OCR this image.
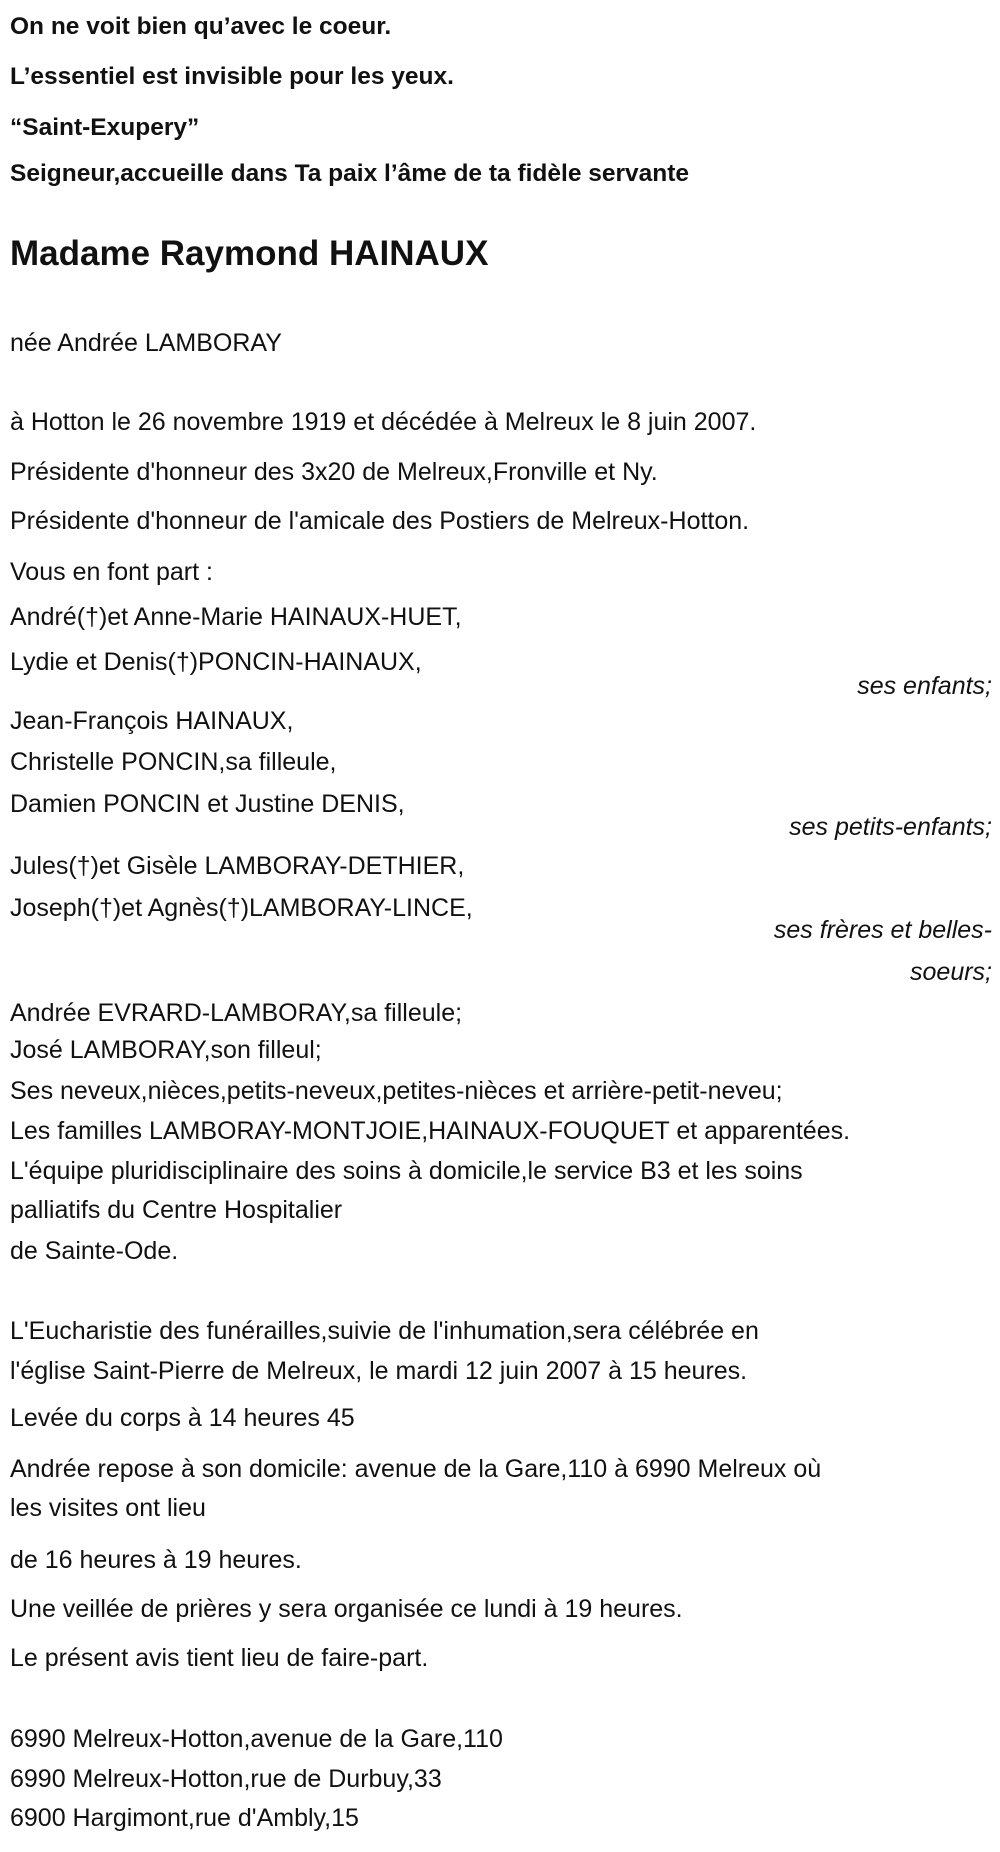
On ne voit bien qu’avec le coeur.
L’essentiel est invisible pour les yeux.
“Saint-Exupery”
Seigneur,accueille dans Ta paix l’âme de ta fidèle servante
Madame Raymond HAINAUX
née Andrée LAMBORAY
à Hotton le 26 novembre 1919 et décédée à Melreux le 8 juin 2007.
Présidente d'honneur des 3x20 de Melreux,Fronville et Ny.
Présidente d'honneur de l'amicale des Postiers de Melreux-Hotton.
Vous en font part :
André(†)et Anne-Marie HAINAUX-HUET,
Lydie et Denis(†)PONCIN-HAINAUX,
ses enfants;
Jean-François HAINAUX,
Christelle PONCIN,sa filleule,
Damien PONCIN et Justine DENIS,
ses petits-enfants;
Jules(†)et Gisèle LAMBORAY-DETHIER,
Joseph(†)et Agnès(†)LAMBORAY-LINCE,
ses frères et belles-
soeurs;
Andrée EVRARD-LAMBORAY,sa filleule;
José LAMBORAY,son filleul;
Ses neveux,nièces,petits-neveux,petites-nièces et arrière-petit-neveu;
Les familles LAMBORAY-MONTJOIE,HAINAUX-FOUQUET et apparentées.
L'équipe pluridisciplinaire des soins à domicile,le service B3 et les soins
palliatifs du Centre Hospitalier
de Sainte-Ode.
L'Eucharistie des funérailles,suivie de l'inhumation,sera célébrée en
l'église Saint-Pierre de Melreux, le mardi 12 juin 2007 à 15 heures.
Levée du corps à 14 heures 45
Andrée repose à son domicile: avenue de la Gare,110 à 6990 Melreux où
les visites ont lieu
de 16 heures à 19 heures.
Une veillée de prières y sera organisée ce lundi à 19 heures.
Le présent avis tient lieu de faire-part.
6990 Melreux-Hotton,avenue de la Gare,110
6990 Melreux-Hotton,rue de Durbuy,33
6900 Hargimont,rue d'Ambly,15
